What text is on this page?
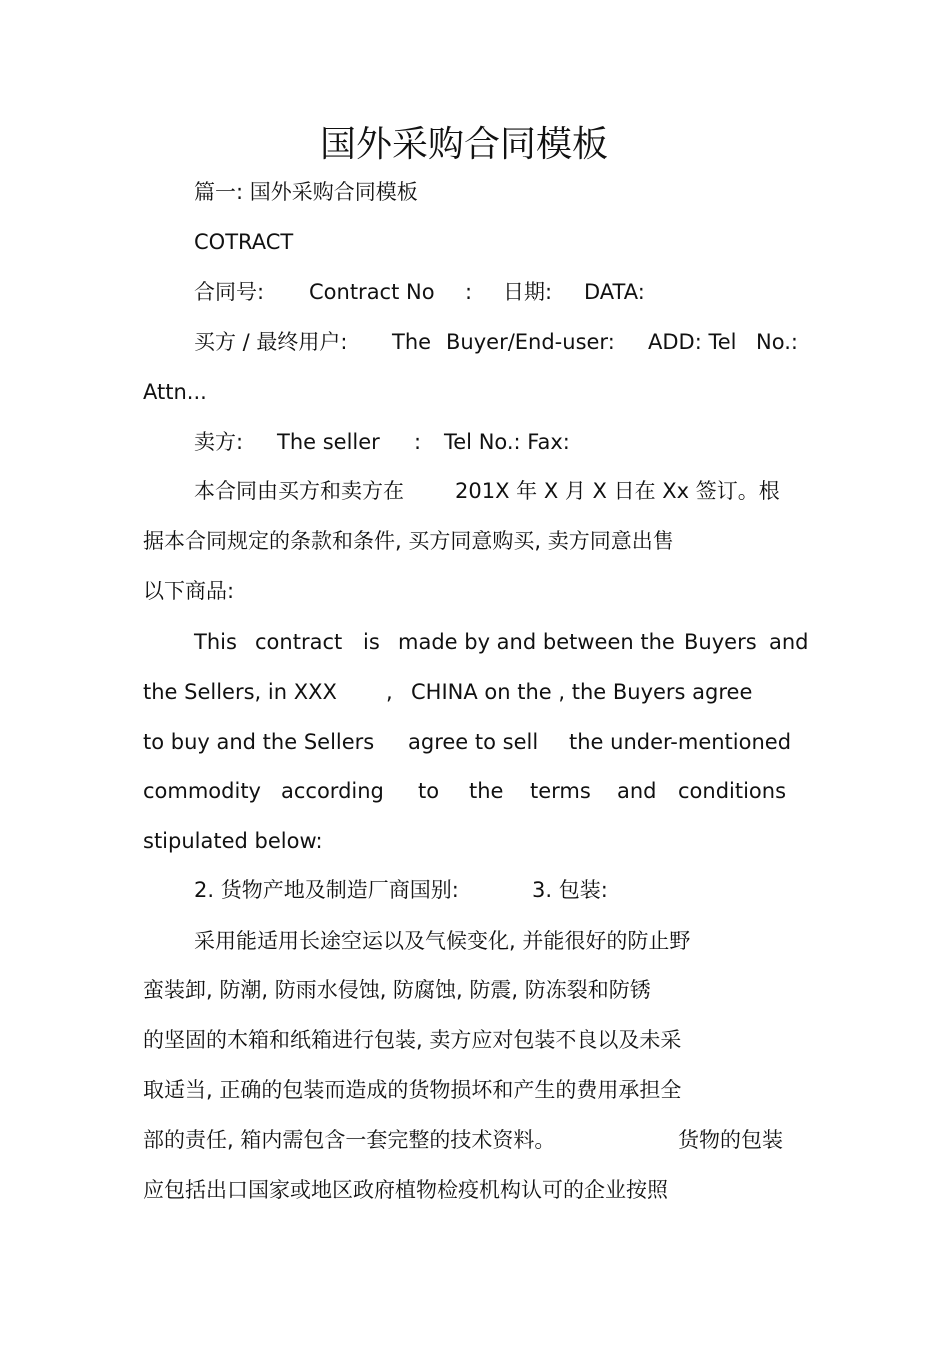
国外采购合同模板
篇一: 国外采购合同模板
COTRACT
合同号: Contract No : 日期: DATA:
买方 / 最终用户: The Buyer/End-user: ADD: Tel No.:
Attn...
卖方: The seller : Tel No.: Fax:
本合同由买方和卖方在 201X 年 X 月 X 日在 Xx 签订。根
据本合同规定的条款和条件, 买方同意购买, 卖方同意出售
以下商品:
This contract is made by and between the Buyers and
the Sellers, in XXX , CHINA on the , the Buyers agree
to buy and the Sellers agree to sell the under-mentioned
commodity according to the terms and conditions
stipulated below:
2. 货物产地及制造厂商国别:	3. 包装:
采用能适用长途空运以及气候变化, 并能很好的防止野
蛮装卸, 防潮, 防雨水侵蚀, 防腐蚀, 防震, 防冻裂和防锈
的坚固的木箱和纸箱进行包装, 卖方应对包装不良以及未采
取适当, 正确的包装而造成的货物损坏和产生的费用承担全
部的责任, 箱内需包含一套完整的技术资料。	货物的包装
应包括出口国家或地区政府植物检疫机构认可的企业按照
